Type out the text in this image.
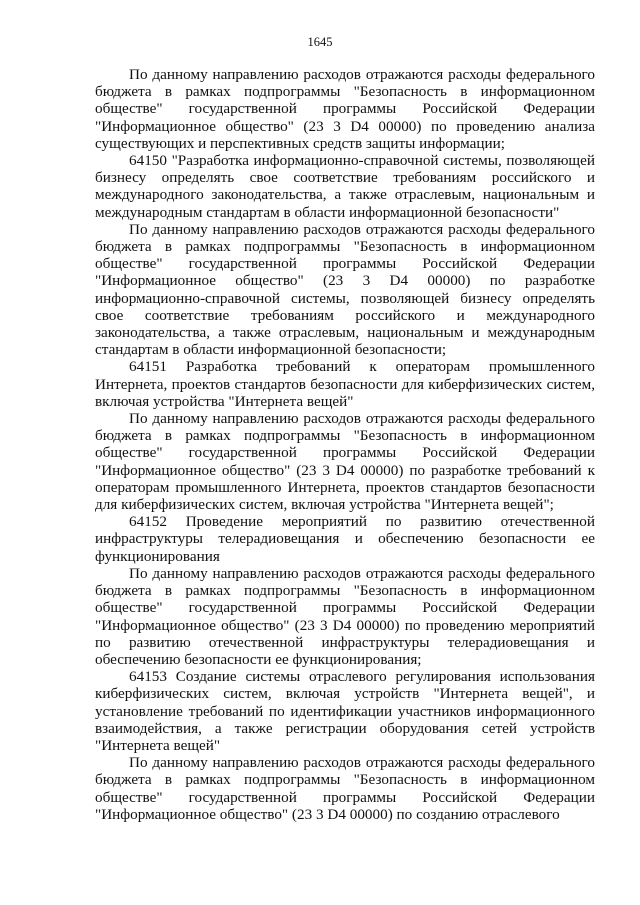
1645

По данному направлению расходов отражаются расходы федерального бюджета в рамках подпрограммы "Безопасность в информационном обществе" государственной программы Российской Федерации "Информационное общество" (23 3 D4 00000) по проведению анализа существующих и перспективных средств защиты информации;

64150 "Разработка информационно-справочной системы, позволяющей бизнесу определять свое соответствие требованиям российского и международного законодательства, а также отраслевым, национальным и международным стандартам в области информационной безопасности"

По данному направлению расходов отражаются расходы федерального бюджета в рамках подпрограммы "Безопасность в информационном обществе" государственной программы Российской Федерации "Информационное общество" (23 3 D4 00000) по разработке информационно-справочной системы, позволяющей бизнесу определять свое соответствие требованиям российского и международного законодательства, а также отраслевым, национальным и международным стандартам в области информационной безопасности;

64151 Разработка требований к операторам промышленного Интернета, проектов стандартов безопасности для киберфизических систем, включая устройства "Интернета вещей"

По данному направлению расходов отражаются расходы федерального бюджета в рамках подпрограммы "Безопасность в информационном обществе" государственной программы Российской Федерации "Информационное общество" (23 3 D4 00000) по разработке требований к операторам промышленного Интернета, проектов стандартов безопасности для киберфизических систем, включая устройства "Интернета вещей";

64152 Проведение мероприятий по развитию отечественной инфраструктуры телерадиовещания и обеспечению безопасности ее функционирования

По данному направлению расходов отражаются расходы федерального бюджета в рамках подпрограммы "Безопасность в информационном обществе" государственной программы Российской Федерации "Информационное общество" (23 3 D4 00000) по проведению мероприятий по развитию отечественной инфраструктуры телерадиовещания и обеспечению безопасности ее функционирования;

64153 Создание системы отраслевого регулирования использования киберфизических систем, включая устройств "Интернета вещей", и установление требований по идентификации участников информационного взаимодействия, а также регистрации оборудования сетей устройств "Интернета вещей"

По данному направлению расходов отражаются расходы федерального бюджета в рамках подпрограммы "Безопасность в информационном обществе" государственной программы Российской Федерации "Информационное общество" (23 3 D4 00000) по созданию отраслевого
